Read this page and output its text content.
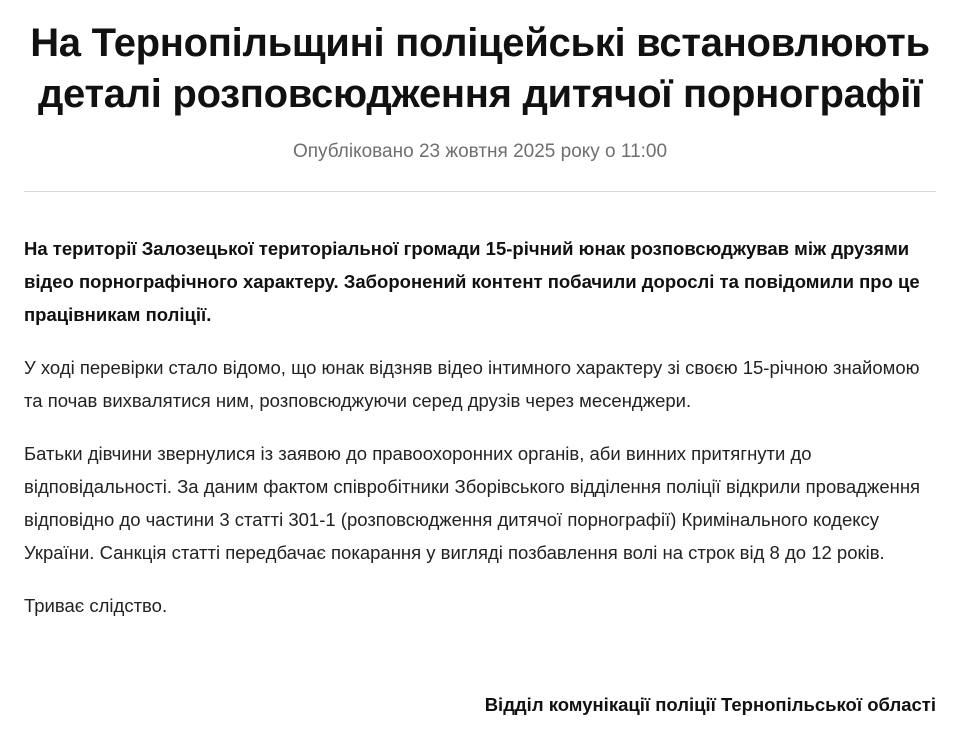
На Тернопільщині поліцейські встановлюють деталі розповсюдження дитячої порнографії
Опубліковано 23 жовтня 2025 року о 11:00

На території Залозецької територіальної громади 15-річний юнак розповсюджував між друзями відео порнографічного характеру. Заборонений контент побачили дорослі та повідомили про це працівникам поліції.

У ході перевірки стало відомо, що юнак відзняв відео інтимного характеру зі своєю 15-річною знайомою та почав вихвалятися ним, розповсюджуючи серед друзів через месенджери.

Батьки дівчини звернулися із заявою до правоохоронних органів, аби винних притягнути до відповідальності. За даним фактом співробітники Зборівського відділення поліції відкрили провадження відповідно до частини 3 статті 301-1 (розповсюдження дитячої порнографії) Кримінального кодексу України. Санкція статті передбачає покарання у вигляді позбавлення волі на строк від 8 до 12 років.

Триває слідство.

Відділ комунікації поліції Тернопільської області
